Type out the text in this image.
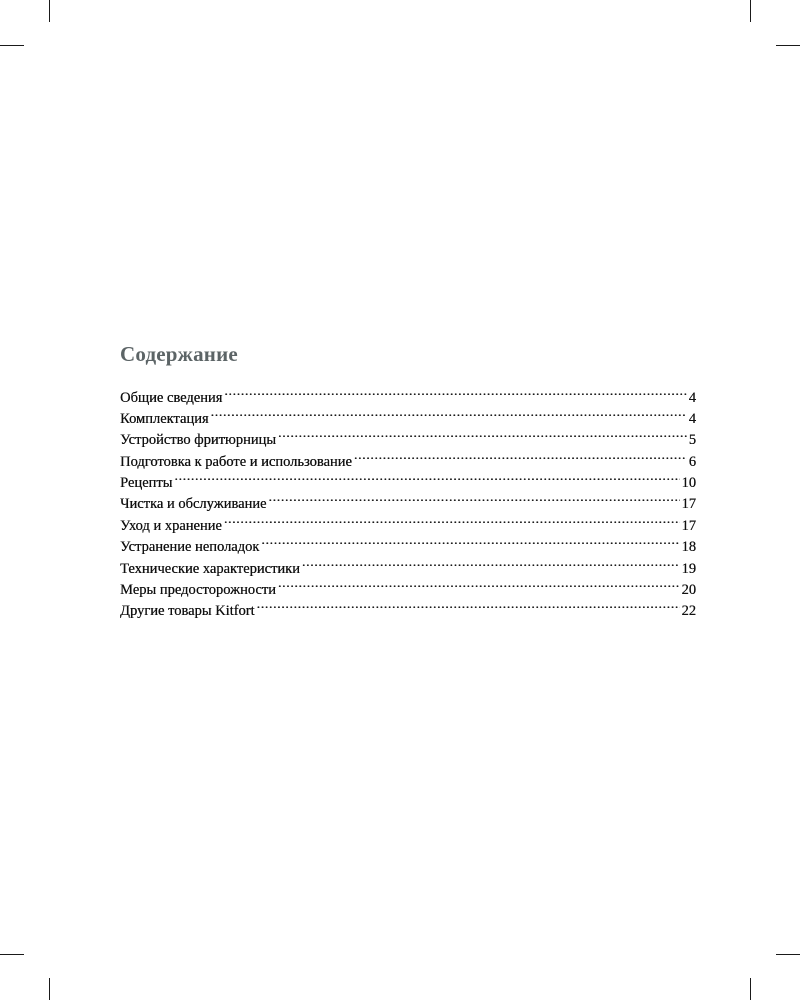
Содержание
Общие сведения .....	4
Комплектация .....	4
Устройство фритюрницы .....	5
Подготовка к работе и использование .....	6
Рецепты .....	10
Чистка и обслуживание .....	17
Уход и хранение .....	17
Устранение неполадок .....	18
Технические характеристики .....	19
Меры предосторожности .....	20
Другие товары Kitfort .....	22
